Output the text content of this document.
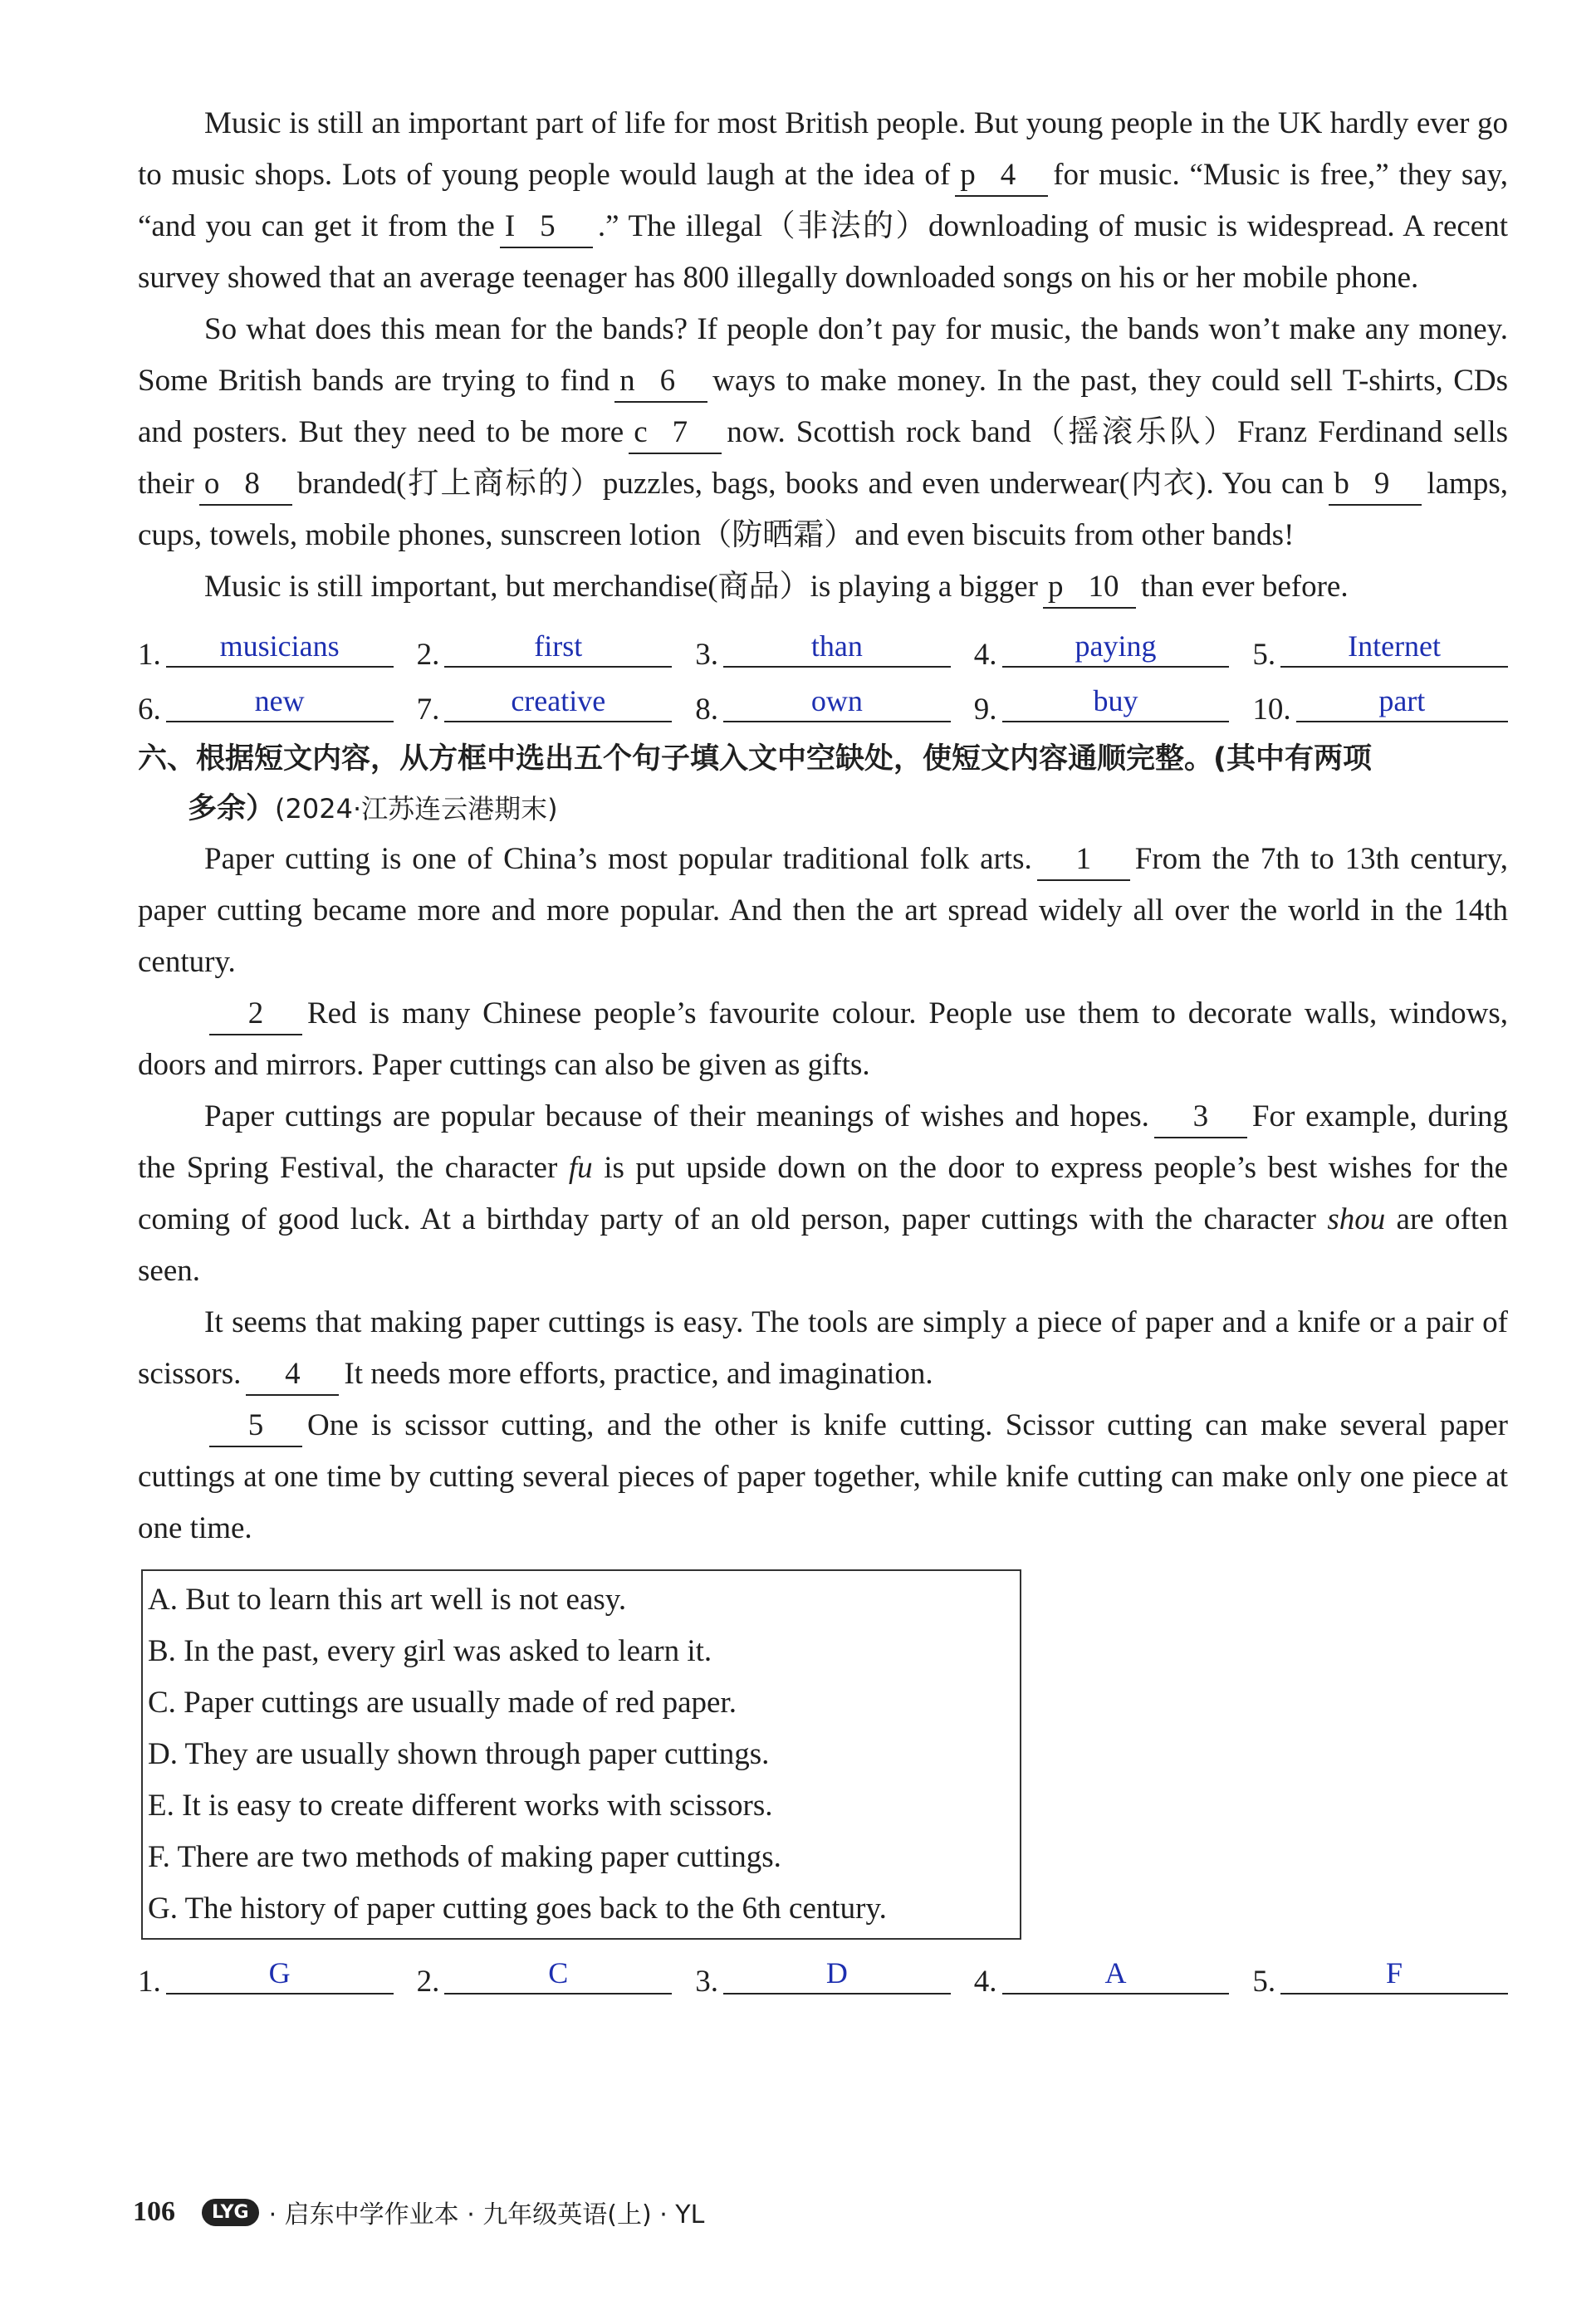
Music is still an important part of life for most British people. But young people in the UK hardly ever go to music shops. Lots of young people would laugh at the idea of p 4 for music. “Music is free,” they say, “and you can get it from the I 5 .” The illegal（非法的）downloading of music is widespread. A recent survey showed that an average teenager has 800 illegally downloaded songs on his or her mobile phone.

So what does this mean for the bands? If people don’t pay for music, the bands won’t make any money. Some British bands are trying to find n 6 ways to make money. In the past, they could sell T-shirts, CDs and posters. But they need to be more c 7 now. Scottish rock band（摇滚乐队）Franz Ferdinand sells their o 8 branded(打上商标的）puzzles, bags, books and even underwear(内衣). You can b 9 lamps, cups, towels, mobile phones, sunscreen lotion（防晒霜）and even biscuits from other bands!

Music is still important, but merchandise(商品）is playing a bigger p 10 than ever before.

1.	musicians	2.	first	3.	than	4.	paying	5.	Internet
6.	new	7.	creative	8.	own	9.	buy	10.	part
六、根据短文内容，从方框中选出五个句子填入文中空缺处，使短文内容通顺完整。(其中有两项
多余）(2024·江苏连云港期末)

Paper cutting is one of China’s most popular traditional folk arts. 1 From the 7th to 13th century, paper cutting became more and more popular. And then the art spread widely all over the world in the 14th century.

2 Red is many Chinese people’s favourite colour. People use them to decorate walls, windows, doors and mirrors. Paper cuttings can also be given as gifts.

Paper cuttings are popular because of their meanings of wishes and hopes. 3 For example, during the Spring Festival, the character fu is put upside down on the door to express people’s best wishes for the coming of good luck. At a birthday party of an old person, paper cuttings with the character shou are often seen.

It seems that making paper cuttings is easy. The tools are simply a piece of paper and a knife or a pair of scissors. 4 It needs more efforts, practice, and imagination.

5 One is scissor cutting, and the other is knife cutting. Scissor cutting can make several paper cuttings at one time by cutting several pieces of paper together, while knife cutting can make only one piece at one time.

A. But to learn this art well is not easy.
B. In the past, every girl was asked to learn it.
C. Paper cuttings are usually made of red paper.
D. They are usually shown through paper cuttings.
E. It is easy to create different works with scissors.
F. There are two methods of making paper cuttings.
G. The history of paper cutting goes back to the 6th century.
1.	G	2.	C	3.	D	4.	A	5.	F
106	LYG · 启东中学作业本 · 九年级英语(上) · YL
